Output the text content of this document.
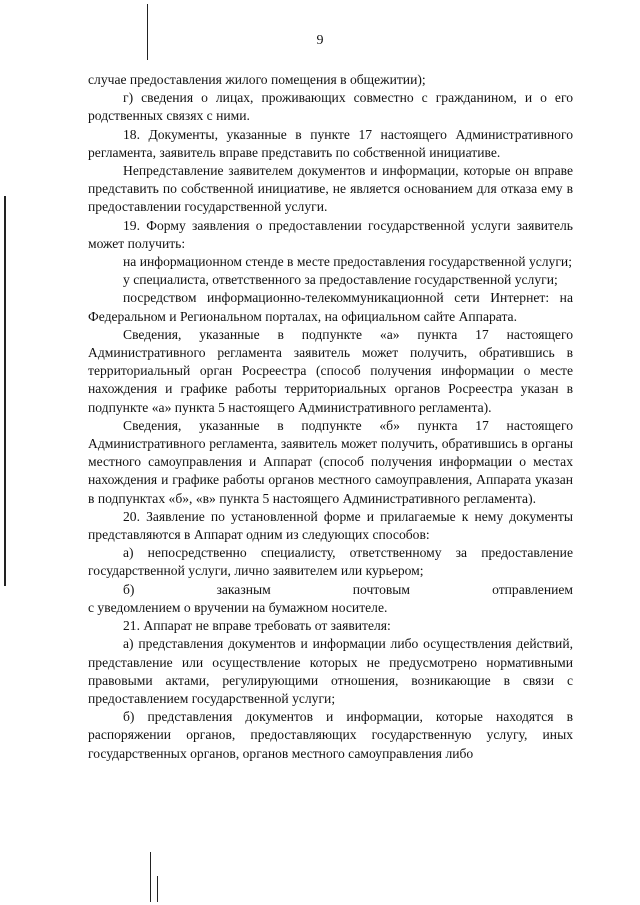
9

случае предоставления жилого помещения в общежитии);

г) сведения о лицах, проживающих совместно с гражданином, и о его родственных связях с ними.

18. Документы, указанные в пункте 17 настоящего Административного регламента, заявитель вправе представить по собственной инициативе.

Непредставление заявителем документов и информации, которые он вправе представить по собственной инициативе, не является основанием для отказа ему в предоставлении государственной услуги.

19. Форму заявления о предоставлении государственной услуги заявитель может получить:

на информационном стенде в месте предоставления государственной услуги;

у специалиста, ответственного за предоставление государственной услуги;

посредством информационно-телекоммуникационной сети Интернет: на Федеральном и Региональном порталах, на официальном сайте Аппарата.

Сведения, указанные в подпункте «а» пункта 17 настоящего Административного регламента заявитель может получить, обратившись в территориальный орган Росреестра (способ получения информации о месте нахождения и графике работы территориальных органов Росреестра указан в подпункте «а» пункта 5 настоящего Административного регламента).

Сведения, указанные в подпункте «б» пункта 17 настоящего Административного регламента, заявитель может получить, обратившись в органы местного самоуправления и Аппарат (способ получения информации о местах нахождения и графике работы органов местного самоуправления, Аппарата указан в подпунктах «б», «в» пункта 5 настоящего Административного регламента).

20. Заявление по установленной форме и прилагаемые к нему документы представляются в Аппарат одним из следующих способов:

а) непосредственно специалисту, ответственному за предоставление государственной услуги, лично заявителем или курьером;

б)	заказным	почтовым	отправлением

с уведомлением о вручении на бумажном носителе.

21. Аппарат не вправе требовать от заявителя:

а) представления документов и информации либо осуществления действий, представление или осуществление которых не предусмотрено нормативными правовыми актами, регулирующими отношения, возникающие в связи с предоставлением государственной услуги;

б) представления документов и информации, которые находятся в распоряжении органов, предоставляющих государственную услугу, иных государственных органов, органов местного самоуправления либо
